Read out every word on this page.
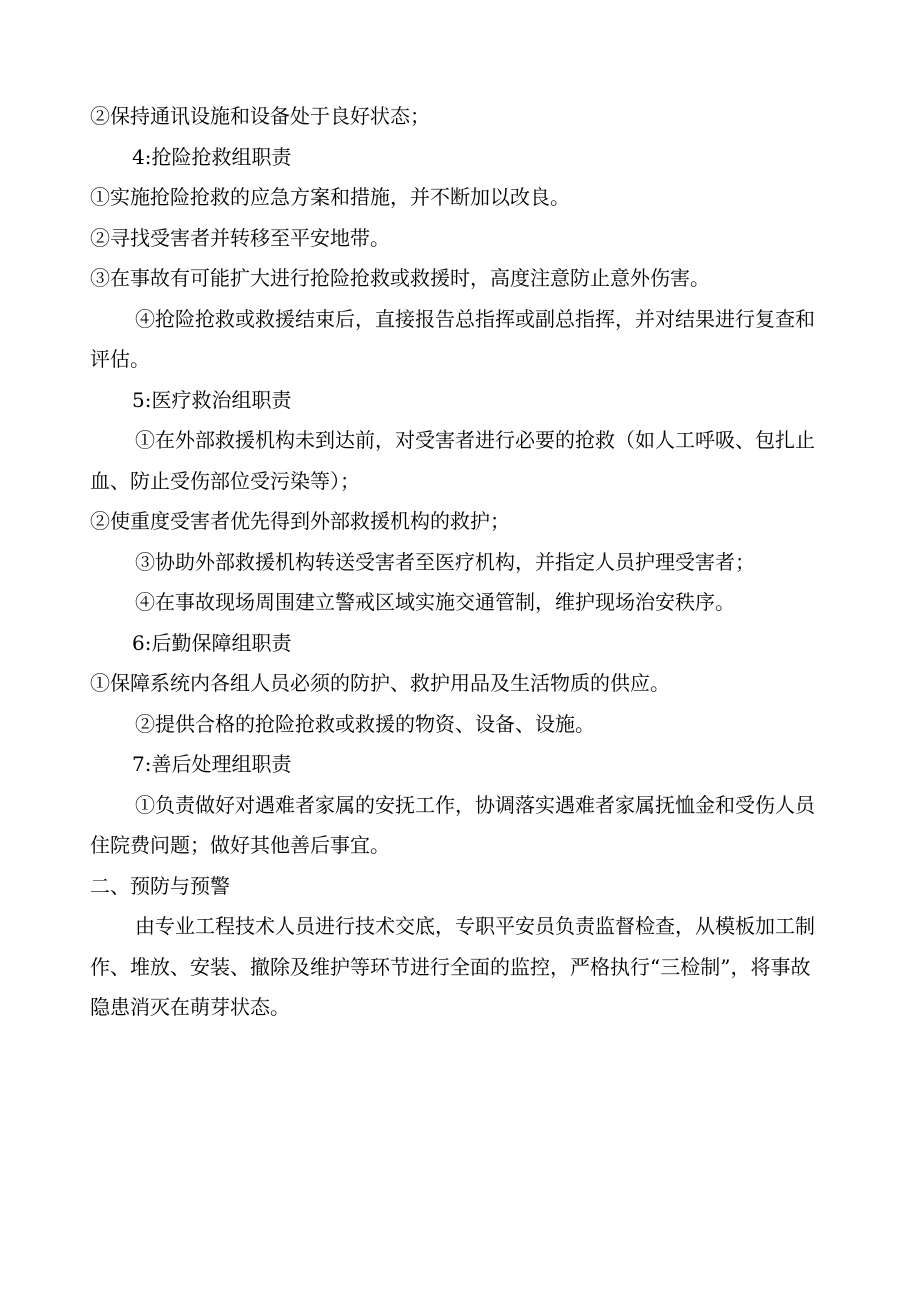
②保持通讯设施和设备处于良好状态；

4:抢险抢救组职责

①实施抢险抢救的应急方案和措施，并不断加以改良。

②寻找受害者并转移至平安地带。

③在事故有可能扩大进行抢险抢救或救援时，高度注意防止意外伤害。

④抢险抢救或救援结束后，直接报告总指挥或副总指挥，并对结果进行复查和评估。

5:医疗救治组职责

①在外部救援机构未到达前，对受害者进行必要的抢救（如人工呼吸、包扎止血、防止受伤部位受污染等）；

②使重度受害者优先得到外部救援机构的救护；

③协助外部救援机构转送受害者至医疗机构，并指定人员护理受害者；

④在事故现场周围建立警戒区域实施交通管制，维护现场治安秩序。

6:后勤保障组职责

①保障系统内各组人员必须的防护、救护用品及生活物质的供应。

②提供合格的抢险抢救或救援的物资、设备、设施。

7:善后处理组职责

①负责做好对遇难者家属的安抚工作，协调落实遇难者家属抚恤金和受伤人员住院费问题；做好其他善后事宜。

二、预防与预警

由专业工程技术人员进行技术交底，专职平安员负责监督检查，从模板加工制作、堆放、安装、撤除及维护等环节进行全面的监控，严格执行“三检制”，将事故隐患消灭在萌芽状态。
